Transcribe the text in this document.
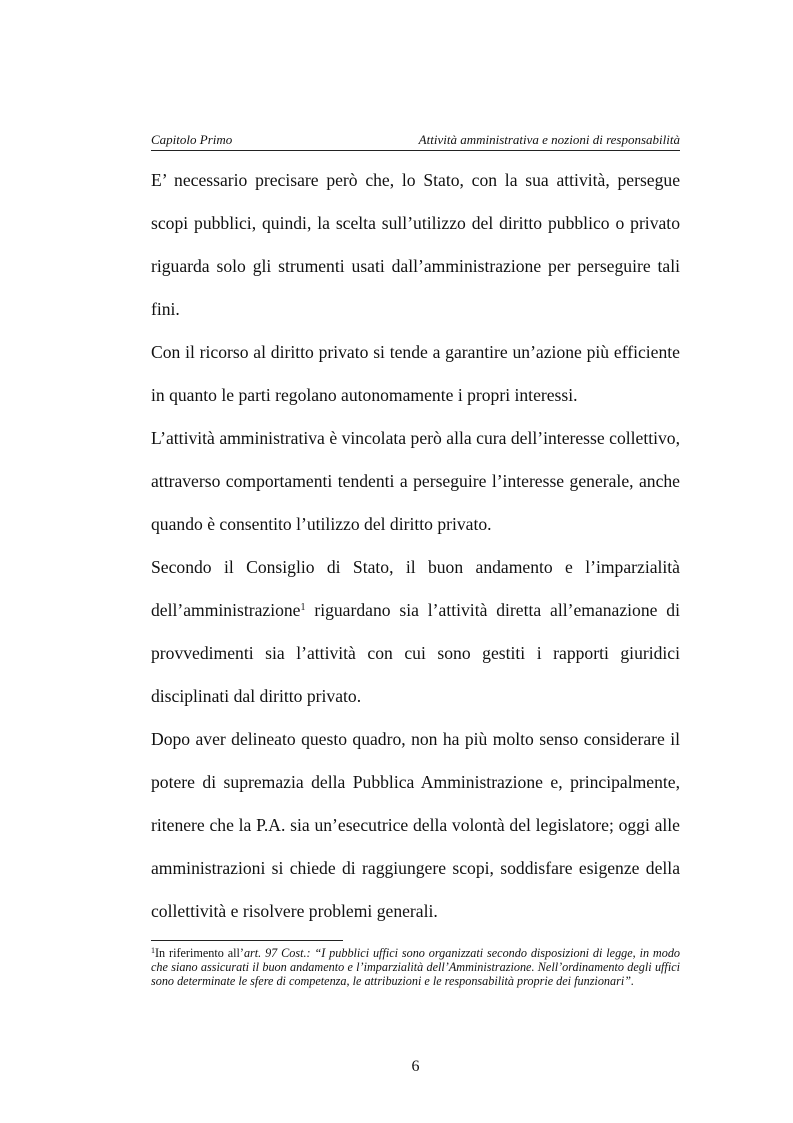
Capitolo Primo	Attività amministrativa e nozioni di responsabilità

E’ necessario precisare però che, lo Stato, con la sua attività, persegue scopi pubblici, quindi, la scelta sull’utilizzo del diritto pubblico o privato riguarda solo gli strumenti usati dall’amministrazione per perseguire tali fini.

Con il ricorso al diritto privato si tende a garantire un’azione più efficiente in quanto le parti regolano autonomamente i propri interessi.

L’attività amministrativa è vincolata però alla cura dell’interesse collettivo, attraverso comportamenti tendenti a perseguire l’interesse generale, anche quando è consentito l’utilizzo del diritto privato.

Secondo il Consiglio di Stato, il buon andamento e l’imparzialità dell’amministrazione$^1$ riguardano sia l’attività diretta all’emanazione di provvedimenti sia l’attività con cui sono gestiti i rapporti giuridici disciplinati dal diritto privato.

Dopo aver delineato questo quadro, non ha più molto senso considerare il potere di supremazia della Pubblica Amministrazione e, principalmente, ritenere che la P.A. sia un’esecutrice della volontà del legislatore; oggi alle amministrazioni si chiede di raggiungere scopi, soddisfare esigenze della collettività e risolvere problemi generali.

$^1$In riferimento all’art. 97 Cost.: “I pubblici uffici sono organizzati secondo disposizioni di legge, in modo che siano assicurati il buon andamento e l’imparzialità dell’Amministrazione. Nell’ordinamento degli uffici sono determinate le sfere di competenza, le attribuzioni e le responsabilità proprie dei funzionari”.
6
